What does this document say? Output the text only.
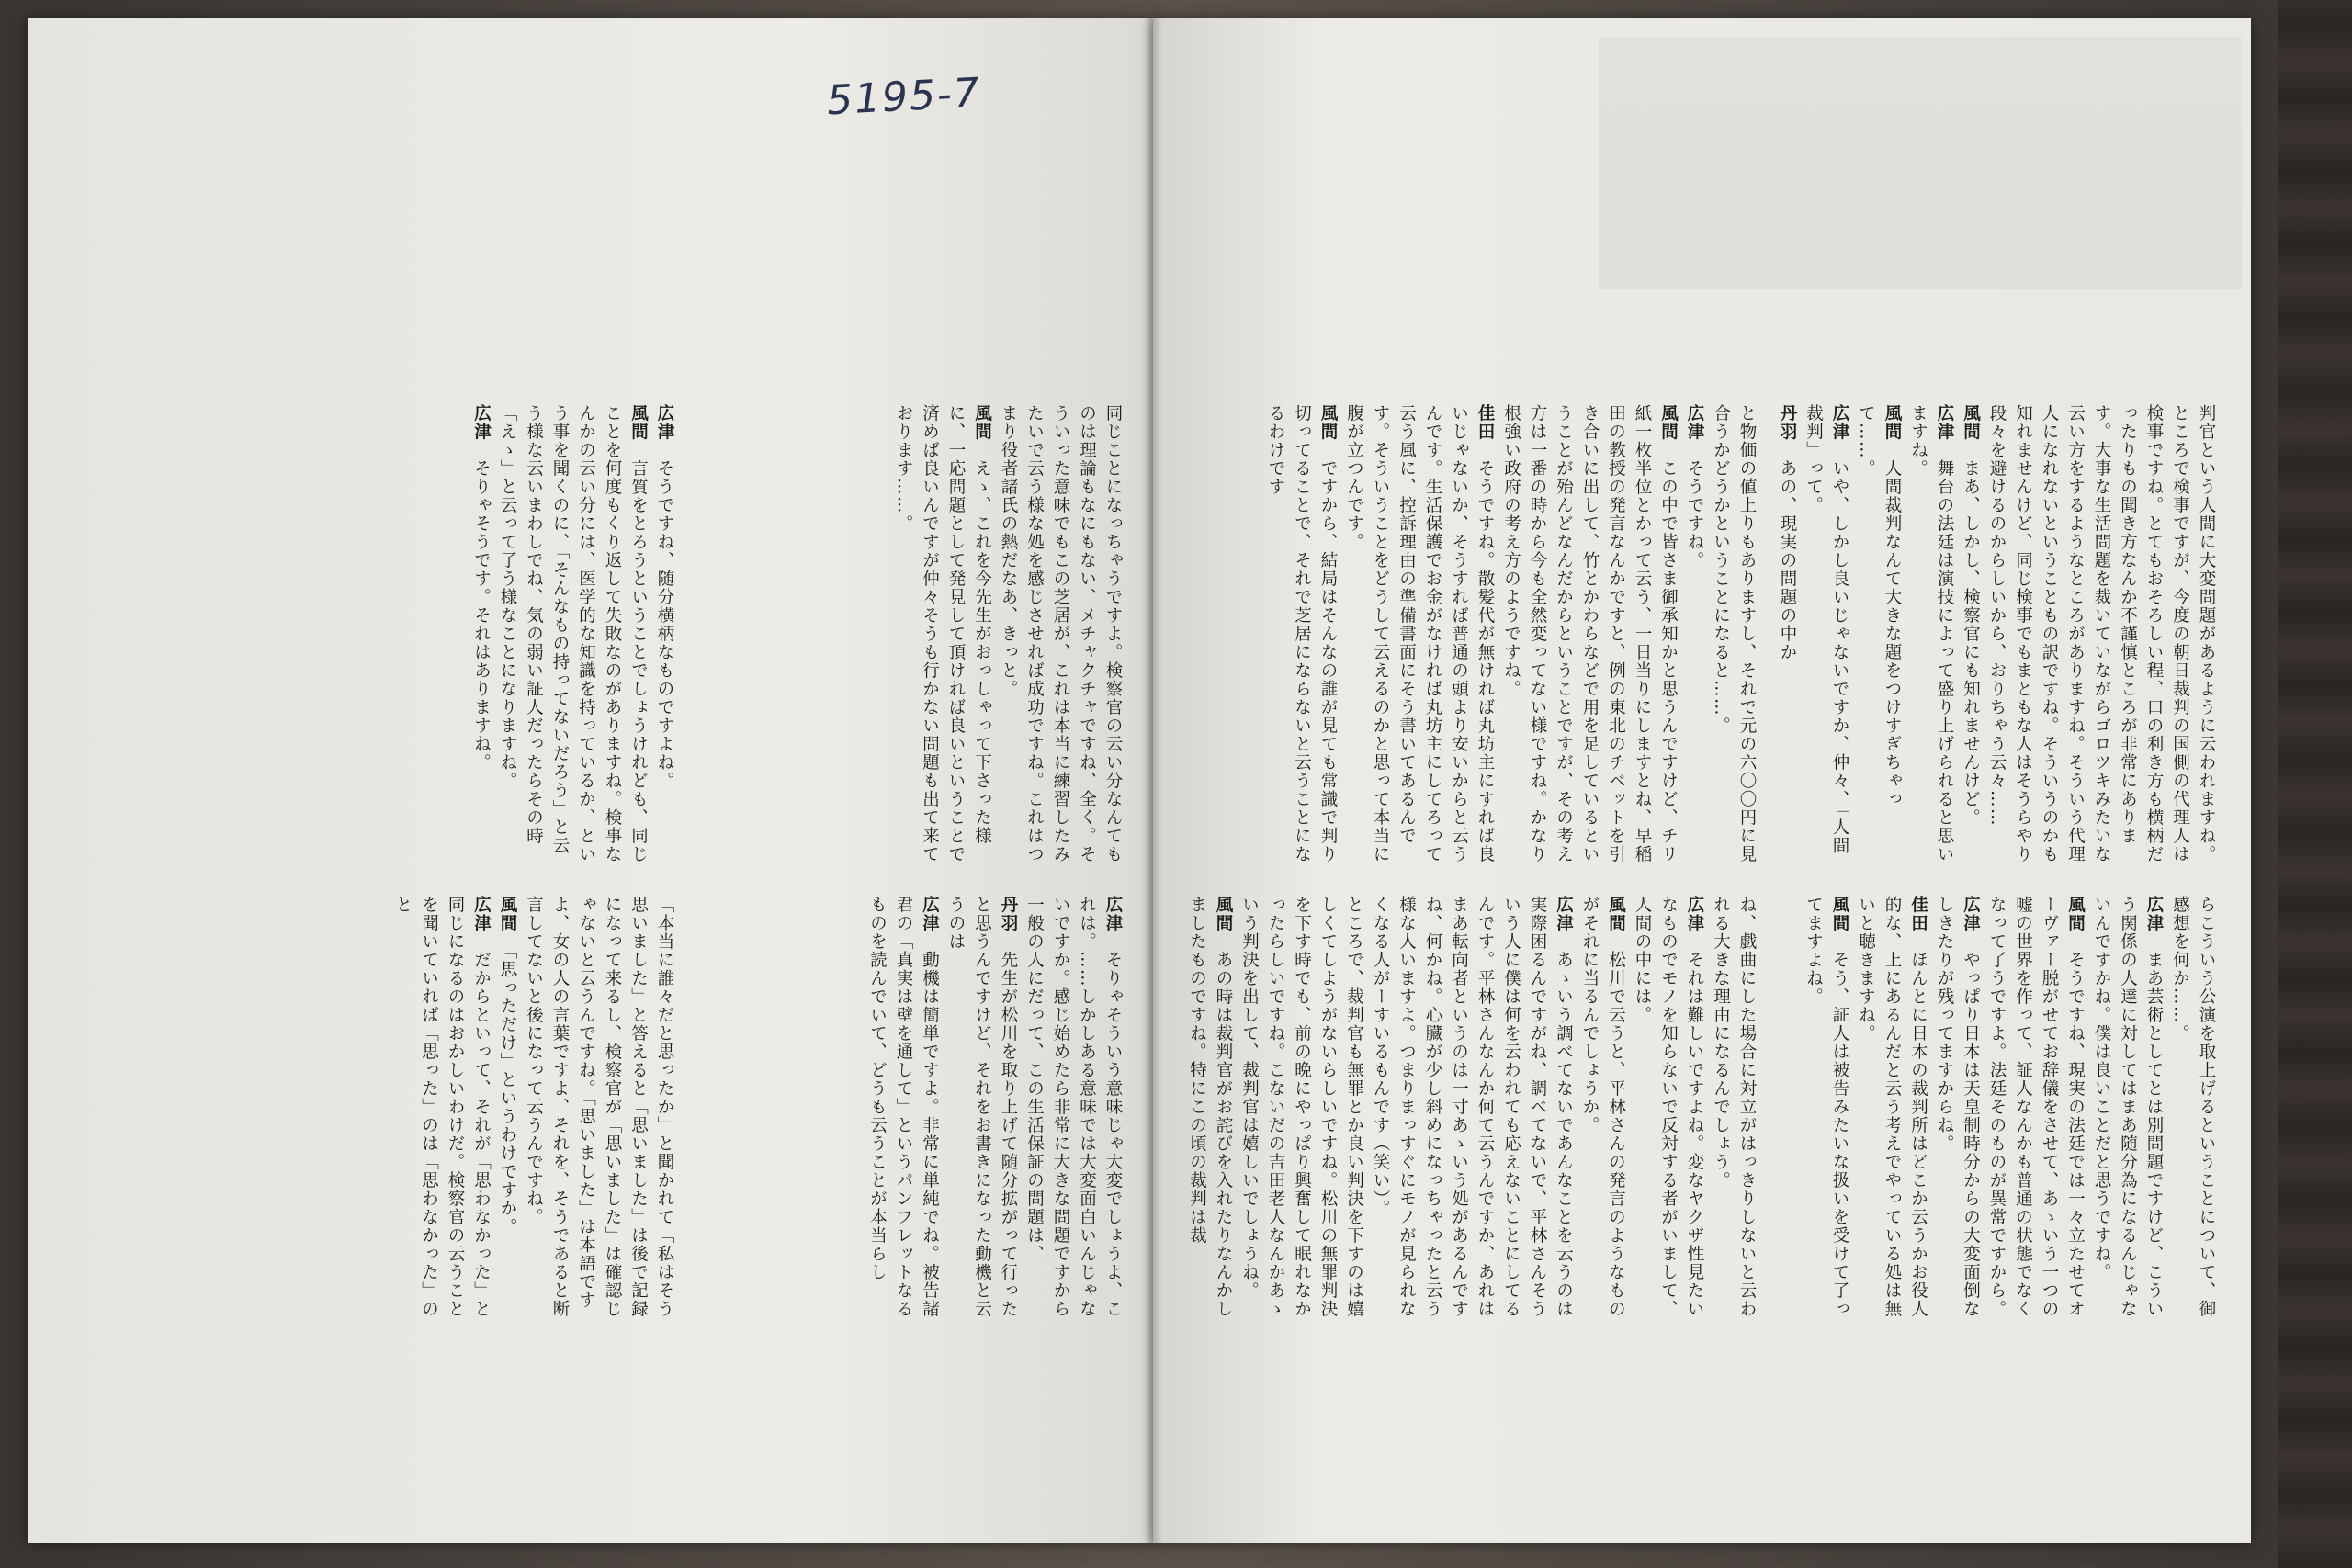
5195-7
広津　そうですね、随分横柄なものですよね。
風間　言質をとろうということでしょうけれども、同じことを何度もくり返して失敗なのがありますね。検事なんかの云い分には、医学的な知識を持っているか、という事を聞くのに、「そんなもの持ってないだろう」と云う様な云いまわしでね、気の弱い証人だったらその時「えゝ」と云って了う様なことになりますね。
広津　そりゃそうです。それはありますね。
「本当に誰々だと思ったか」と聞かれて「私はそう思いました」と答えると「思いました」は後で記録になって来るし、検察官が「思いました」は確認じゃないと云うんですね。「思いました」は本語ですよ、女の人の言葉ですよ、それを、そうであると断言してないと後になって云うんですね。
風間　「思っただけ」というわけですか。
広津　だからといって、それが「思わなかった」と同じになるのはおかしいわけだ。検察官の云うことを聞いていれば「思った」のは「思わなかった」のと
同じことになっちゃうですよ。検察官の云い分なんてものは理論もなにもない、メチャクチャですね、全く。そういった意味でもこの芝居が、これは本当に練習したみたいで云う様な処を感じさせれば成功ですね。これはつまり役者諸氏の熱だなあ、きっと。
風間　えゝ、これを今先生がおっしゃって下さった様に、一応問題として発見して頂ければ良いということで済めば良いんですが仲々そうも行かない問題も出て来ております……。
広津　そりゃそういう意味じゃ大変でしょうよ、これは。……しかしある意味では大変面白いんじゃないですか。感じ始めたら非常に大きな問題ですから一般の人にだって、この生活保証の問題は、
丹羽　先生が松川を取り上げて随分拡がって行ったと思うんですけど、それをお書きになった動機と云うのは
広津　動機は簡単ですよ。非常に単純でね。被告諸君の「真実は壁を通して」というパンフレットなるものを読んでいて、どうも云うことが本当らし
と物価の値上りもありますし、それで元の六〇〇円に見合うかどうかということになると……。
広津　そうですね。
風間　この中で皆さま御承知かと思うんですけど、チリ紙一枚半位とかって云う、一日当りにしますとね、早稲田の教授の発言なんかですと、例の東北のチベットを引き合いに出して、竹とかわらなどで用を足しているということが殆んどなんだからということですが、その考え方は一番の時から今も全然変ってない様ですね。かなり根強い政府の考え方のようですね。
佳田　そうですね。散髪代が無ければ丸坊主にすれば良いじゃないか、そうすれば普通の頭より安いからと云うんです。生活保護でお金がなければ丸坊主にしてろって云う風に、控訴理由の準備書面にそう書いてあるんです。そういうことをどうして云えるのかと思って本当に腹が立つんです。
風間　ですから、結局はそんなの誰が見ても常識で判り切ってることで、それで芝居にならないと云うことになるわけです
ね、戯曲にした場合に対立がはっきりしないと云われる大きな理由になるんでしょう。
広津　それは難しいですよね。変なヤクザ性見たいなものでモノを知らないで反対する者がいまして、人間の中には。
風間　松川で云うと、平林さんの発言のようなものがそれに当るんでしょうか。
広津　あゝいう調べてないであんなことを云うのは実際困るんですがね、調べてないで、平林さんそういう人に僕は何を云われても応えないことにしてるんです。平林さんなんか何て云うんですか、あれはまあ転向者というのは一寸あゝいう処があるんですね、何かね。心臓が少し斜めになっちゃったと云う様な人いますよ。つまりまっすぐにモノが見られなくなる人がーすいるもんです（笑い）。
ところで、裁判官も無罪とか良い判決を下すのは嬉しくてしようがないらしいですね。松川の無罪判決を下す時でも、前の晩にやっぱり興奮して眠れなかったらしいですね。こないだの吉田老人なんかあゝいう判決を出して、裁判官は嬉しいでしょうね。
風間　あの時は裁判官がお詫びを入れたりなんかしましたものですね。特にこの頃の裁判は裁
判官という人間に大変問題があるように云われますね。ところで検事ですが、今度の朝日裁判の国側の代理人は検事ですね。とてもおそろしい程、口の利き方も横柄だったりもの聞き方なんか不謹慎ところが非常にあります。大事な生活問題を裁いていながらゴロツキみたいな云い方をするようなところがありますね。そういう代理人になれないということもの訳ですね。そういうのかも知れませんけど、同じ検事でもまともな人はそうらやり段々を避けるのからしいから、おりちゃう云々……
風間　まあ、しかし、検察官にも知れませんけど。
広津　舞台の法廷は演技によって盛り上げられると思いますね。
風間　人間裁判なんて大きな題をつけすぎちゃって……。
広津　いや、しかし良いじゃないですか、仲々、「人間裁判」って。
丹羽　あの、現実の問題の中か
らこういう公演を取上げるということについて、御感想を何か……。
広津　まあ芸術としてとは別問題ですけど、こういう関係の人達に対してはまあ随分為になるんじゃないんですかね。僕は良いことだと思うですね。
風間　そうですね、現実の法廷では一々立たせてオーヴァー脱がせてお辞儀をさせて、あゝいう一つの嘘の世界を作って、証人なんかも普通の状態でなくなって了うですよ。法廷そのものが異常ですから。
広津　やっぱり日本は天皇制時分からの大変面倒なしきたりが残ってますからね。
佳田　ほんとに日本の裁判所はどこか云うかお役人的な、上にあるんだと云う考えでやっている処は無いと聴きますね。
風間　そう、証人は被告みたいな扱いを受けて了ってますよね。
